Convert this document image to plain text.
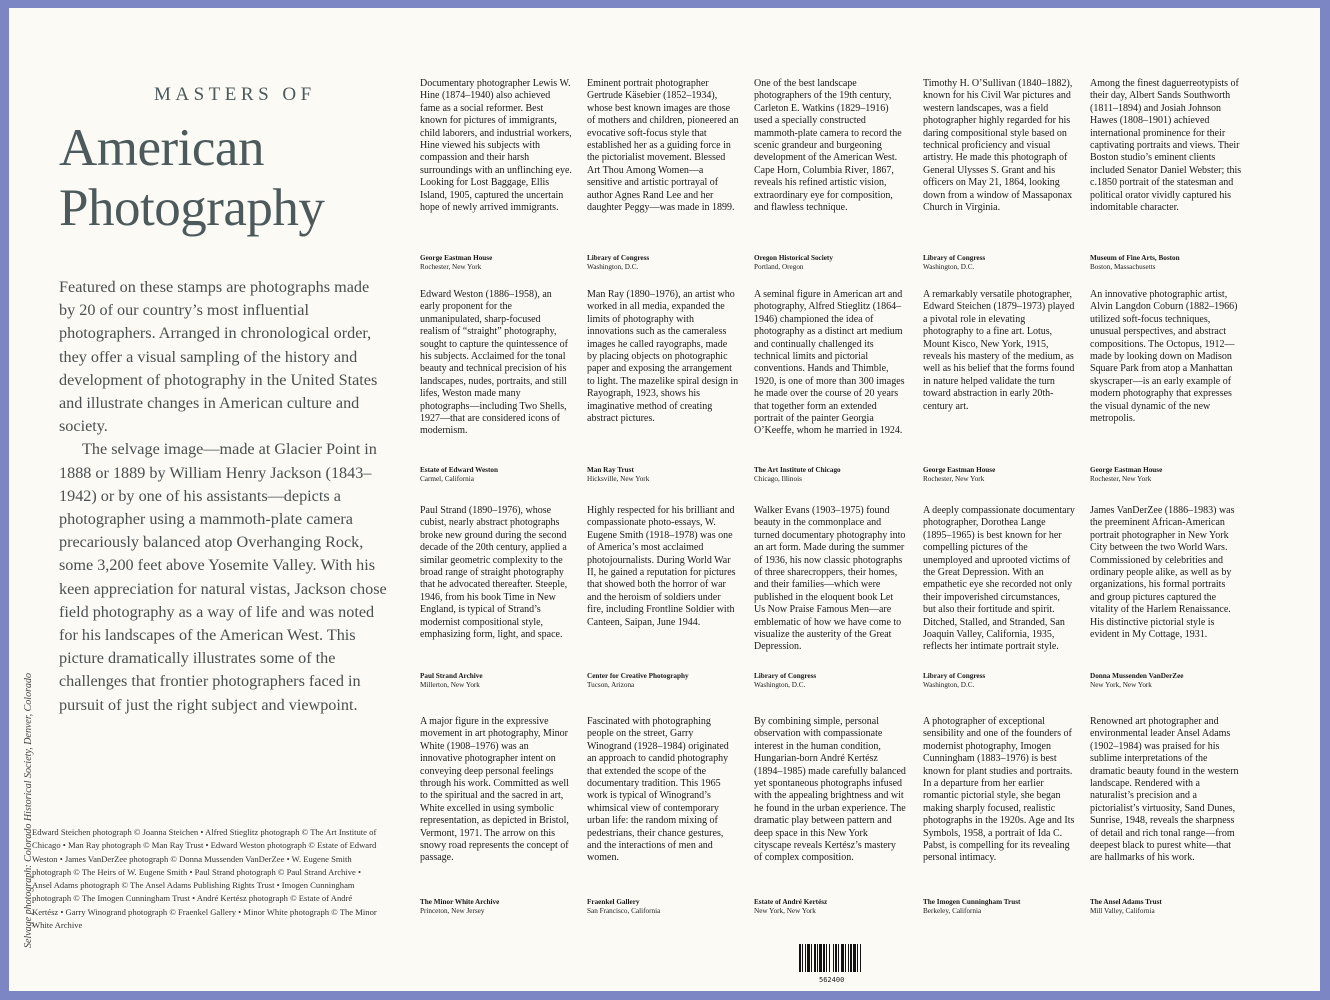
Selvage photograph: Colorado Historical Society, Denver, Colorado
MASTERS OF
American
Photography

Featured on these stamps are photographs made by 20 of our country’s most influential photographers. Arranged in chronological order, they offer a visual sampling of the history and development of photography in the United States and illustrate changes in American culture and society.

The selvage image—made at Glacier Point in 1888 or 1889 by William Henry Jackson (1843–1942) or by one of his assistants—depicts a photographer using a mammoth-plate camera precariously balanced atop Overhanging Rock, some 3,200 feet above Yosemite Valley. With his keen appreciation for natural vistas, Jackson chose field photography as a way of life and was noted for his landscapes of the American West. This picture dramatically illustrates some of the challenges that frontier photographers faced in pursuit of just the right subject and viewpoint.

Edward Steichen photograph © Joanna Steichen • Alfred Stieglitz photograph © The Art Institute of Chicago • Man Ray photograph © Man Ray Trust • Edward Weston photograph © Estate of Edward Weston • James VanDerZee photograph © Donna Mussenden VanDerZee • W. Eugene Smith photograph © The Heirs of W. Eugene Smith • Paul Strand photograph © Paul Strand Archive • Ansel Adams photograph © The Ansel Adams Publishing Rights Trust • Imogen Cunningham photograph © The Imogen Cunningham Trust • André Kertész photograph © Estate of André Kertész • Garry Winogrand photograph © Fraenkel Gallery • Minor White photograph © The Minor White Archive
Documentary photographer Lewis W. Hine (1874–1940) also achieved fame as a social reformer. Best known for pictures of immigrants, child laborers, and industrial workers, Hine viewed his subjects with compassion and their harsh surroundings with an unflinching eye. Looking for Lost Baggage, Ellis Island, 1905, captured the uncertain hope of newly arrived immigrants.
George Eastman House
Rochester, New York
Eminent portrait photographer Gertrude Käsebier (1852–1934), whose best known images are those of mothers and children, pioneered an evocative soft-focus style that established her as a guiding force in the pictorialist movement. Blessed Art Thou Among Women—a sensitive and artistic portrayal of author Agnes Rand Lee and her daughter Peggy—was made in 1899.
Library of Congress
Washington, D.C.
One of the best landscape photographers of the 19th century, Carleton E. Watkins (1829–1916) used a specially constructed mammoth-plate camera to record the scenic grandeur and burgeoning development of the American West. Cape Horn, Columbia River, 1867, reveals his refined artistic vision, extraordinary eye for composition, and flawless technique.
Oregon Historical Society
Portland, Oregon
Timothy H. O’Sullivan (1840–1882), known for his Civil War pictures and western landscapes, was a field photographer highly regarded for his daring compositional style based on technical proficiency and visual artistry. He made this photograph of General Ulysses S. Grant and his officers on May 21, 1864, looking down from a window of Massaponax Church in Virginia.
Library of Congress
Washington, D.C.
Among the finest daguerreotypists of their day, Albert Sands Southworth (1811–1894) and Josiah Johnson Hawes (1808–1901) achieved international prominence for their captivating portraits and views. Their Boston studio’s eminent clients included Senator Daniel Webster; this c.1850 portrait of the statesman and political orator vividly captured his indomitable character.
Museum of Fine Arts, Boston
Boston, Massachusetts
Edward Weston (1886–1958), an early proponent for the unmanipulated, sharp-focused realism of “straight” photography, sought to capture the quintessence of his subjects. Acclaimed for the tonal beauty and technical precision of his landscapes, nudes, portraits, and still lifes, Weston made many photographs—including Two Shells, 1927—that are considered icons of modernism.
Estate of Edward Weston
Carmel, California
Man Ray (1890–1976), an artist who worked in all media, expanded the limits of photography with innovations such as the cameraless images he called rayographs, made by placing objects on photographic paper and exposing the arrangement to light. The mazelike spiral design in Rayograph, 1923, shows his imaginative method of creating abstract pictures.
Man Ray Trust
Hicksville, New York
A seminal figure in American art and photography, Alfred Stieglitz (1864–1946) championed the idea of photography as a distinct art medium and continually challenged its technical limits and pictorial conventions. Hands and Thimble, 1920, is one of more than 300 images he made over the course of 20 years that together form an extended portrait of the painter Georgia O’Keeffe, whom he married in 1924.
The Art Institute of Chicago
Chicago, Illinois
A remarkably versatile photographer, Edward Steichen (1879–1973) played a pivotal role in elevating photography to a fine art. Lotus, Mount Kisco, New York, 1915, reveals his mastery of the medium, as well as his belief that the forms found in nature helped validate the turn toward abstraction in early 20th-century art.
George Eastman House
Rochester, New York
An innovative photographic artist, Alvin Langdon Coburn (1882–1966) utilized soft-focus techniques, unusual perspectives, and abstract compositions. The Octopus, 1912—made by looking down on Madison Square Park from atop a Manhattan skyscraper—is an early example of modern photography that expresses the visual dynamic of the new metropolis.
George Eastman House
Rochester, New York
Paul Strand (1890–1976), whose cubist, nearly abstract photographs broke new ground during the second decade of the 20th century, applied a similar geometric complexity to the broad range of straight photography that he advocated thereafter. Steeple, 1946, from his book Time in New England, is typical of Strand’s modernist compositional style, emphasizing form, light, and space.
Paul Strand Archive
Millerton, New York
Highly respected for his brilliant and compassionate photo-essays, W. Eugene Smith (1918–1978) was one of America’s most acclaimed photojournalists. During World War II, he gained a reputation for pictures that showed both the horror of war and the heroism of soldiers under fire, including Frontline Soldier with Canteen, Saipan, June 1944.
Center for Creative Photography
Tucson, Arizona
Walker Evans (1903–1975) found beauty in the commonplace and turned documentary photography into an art form. Made during the summer of 1936, his now classic photographs of three sharecroppers, their homes, and their families—which were published in the eloquent book Let Us Now Praise Famous Men—are emblematic of how we have come to visualize the austerity of the Great Depression.
Library of Congress
Washington, D.C.
A deeply compassionate documentary photographer, Dorothea Lange (1895–1965) is best known for her compelling pictures of the unemployed and uprooted victims of the Great Depression. With an empathetic eye she recorded not only their impoverished circumstances, but also their fortitude and spirit. Ditched, Stalled, and Stranded, San Joaquin Valley, California, 1935, reflects her intimate portrait style.
Library of Congress
Washington, D.C.
James VanDerZee (1886–1983) was the preeminent African-American portrait photographer in New York City between the two World Wars. Commissioned by celebrities and ordinary people alike, as well as by organizations, his formal portraits and group pictures captured the vitality of the Harlem Renaissance. His distinctive pictorial style is evident in My Cottage, 1931.
Donna Mussenden VanDerZee
New York, New York
A major figure in the expressive movement in art photography, Minor White (1908–1976) was an innovative photographer intent on conveying deep personal feelings through his work. Committed as well to the spiritual and the sacred in art, White excelled in using symbolic representation, as depicted in Bristol, Vermont, 1971. The arrow on this snowy road represents the concept of passage.
The Minor White Archive
Princeton, New Jersey
Fascinated with photographing people on the street, Garry Winogrand (1928–1984) originated an approach to candid photography that extended the scope of the documentary tradition. This 1965 work is typical of Winogrand’s whimsical view of contemporary urban life: the random mixing of pedestrians, their chance gestures, and the interactions of men and women.
Fraenkel Gallery
San Francisco, California
By combining simple, personal observation with compassionate interest in the human condition, Hungarian-born André Kertész (1894–1985) made carefully balanced yet spontaneous photographs infused with the appealing brightness and wit he found in the urban experience. The dramatic play between pattern and deep space in this New York cityscape reveals Kertész’s mastery of complex composition.
Estate of André Kertész
New York, New York
A photographer of exceptional sensibility and one of the founders of modernist photography, Imogen Cunningham (1883–1976) is best known for plant studies and portraits. In a departure from her earlier romantic pictorial style, she began making sharply focused, realistic photographs in the 1920s. Age and Its Symbols, 1958, a portrait of Ida C. Pabst, is compelling for its revealing personal intimacy.
The Imogen Cunningham Trust
Berkeley, California
Renowned art photographer and environmental leader Ansel Adams (1902–1984) was praised for his sublime interpretations of the dramatic beauty found in the western landscape. Rendered with a naturalist’s precision and a pictorialist’s virtuosity, Sand Dunes, Sunrise, 1948, reveals the sharpness of detail and rich tonal range—from deepest black to purest white—that are hallmarks of his work.
The Ansel Adams Trust
Mill Valley, California
562400
